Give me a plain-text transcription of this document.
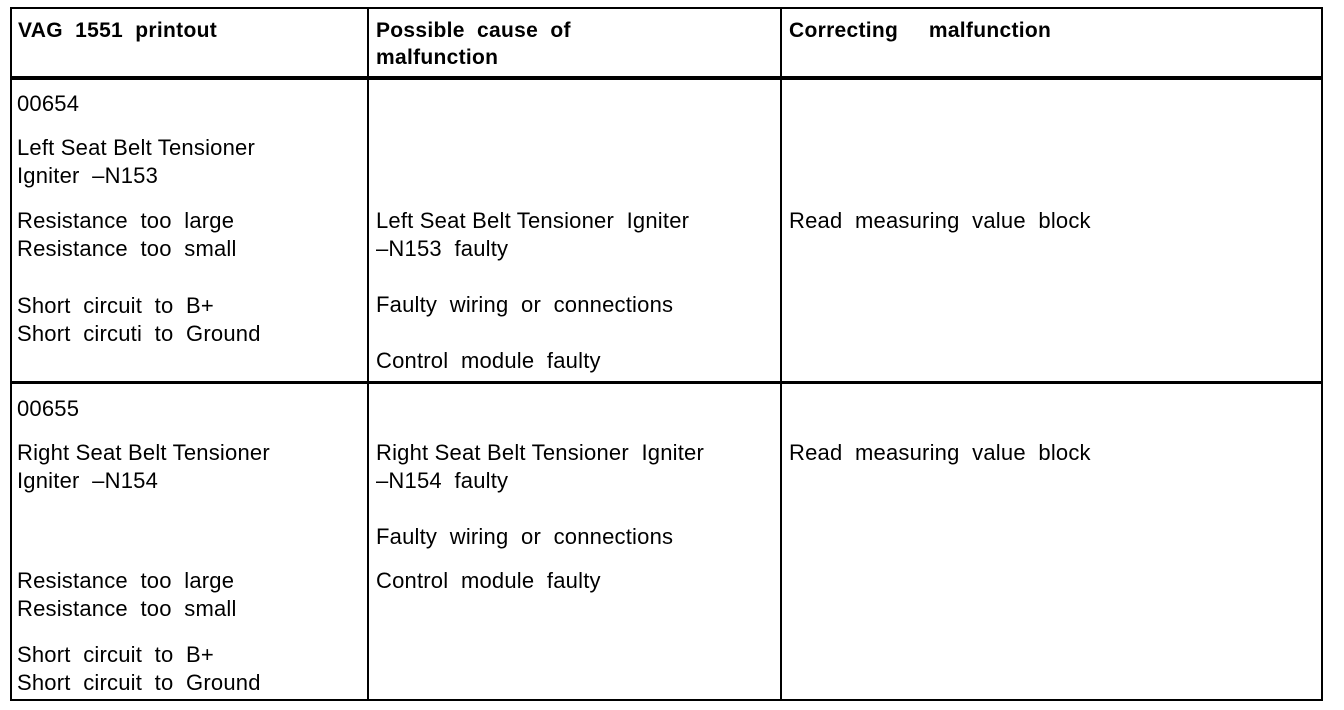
VAG  1551  printout	Possible  cause  of
malfunction
Correcting     malfunction
00654
Left Seat Belt Tensioner
Igniter  –N153
Resistance  too  large
Resistance  too  small
Short  circuit  to  B+
Short  circuti  to  Ground
Left Seat Belt Tensioner  Igniter
–N153  faulty
Faulty  wiring  or  connections
Control  module  faulty
Read  measuring  value  block
00655
Right Seat Belt Tensioner
Igniter  –N154
Resistance  too  large
Resistance  too  small
Short  circuit  to  B+
Short  circuit  to  Ground
Right Seat Belt Tensioner  Igniter
–N154  faulty
Faulty  wiring  or  connections
Control  module  faulty
Read  measuring  value  block
